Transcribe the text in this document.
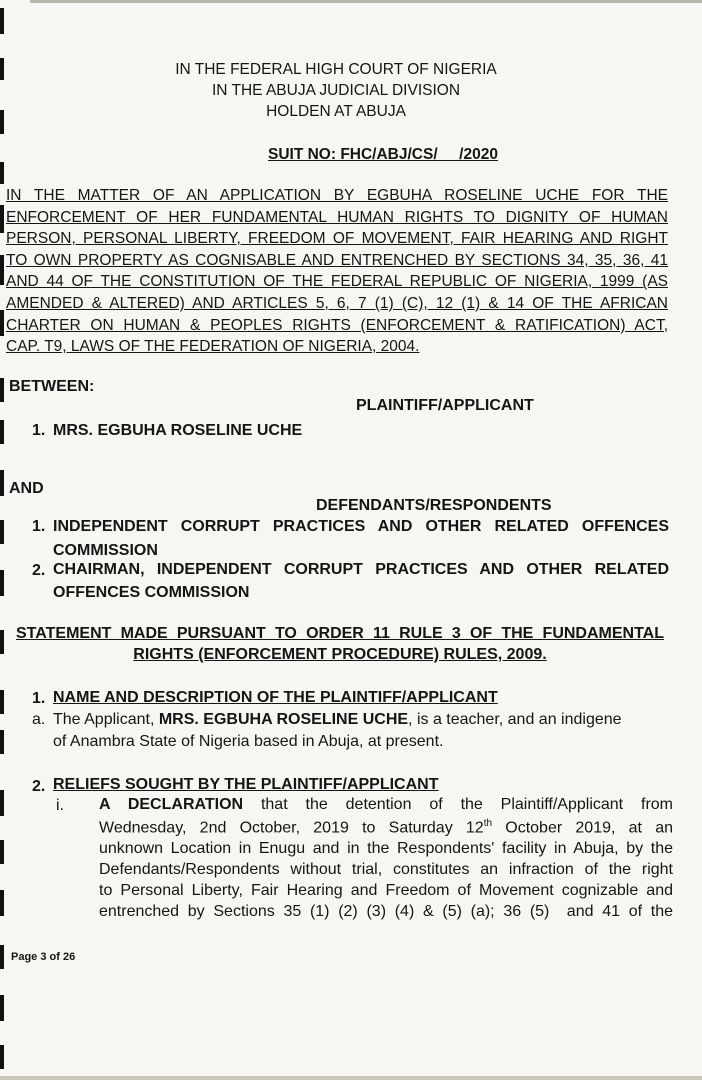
IN THE FEDERAL HIGH COURT OF NIGERIA
IN THE ABUJA JUDICIAL DIVISION
HOLDEN AT ABUJA
SUIT NO: FHC/ABJ/CS/     /2020
IN THE MATTER OF AN APPLICATION BY EGBUHA ROSELINE UCHE FOR THE
ENFORCEMENT OF HER FUNDAMENTAL HUMAN RIGHTS TO DIGNITY OF HUMAN
PERSON, PERSONAL LIBERTY, FREEDOM OF MOVEMENT, FAIR HEARING AND RIGHT
TO OWN PROPERTY AS COGNISABLE AND ENTRENCHED BY SECTIONS 34, 35, 36, 41
AND 44 OF THE CONSTITUTION OF THE FEDERAL REPUBLIC OF NIGERIA, 1999 (AS
AMENDED & ALTERED) AND ARTICLES 5, 6, 7 (1) (C), 12 (1) & 14 OF THE AFRICAN
CHARTER ON HUMAN & PEOPLES RIGHTS (ENFORCEMENT & RATIFICATION) ACT,
CAP. T9, LAWS OF THE FEDERATION OF NIGERIA, 2004.
BETWEEN:
PLAINTIFF/APPLICANT
1. MRS. EGBUHA ROSELINE UCHE
AND
DEFENDANTS/RESPONDENTS
1. INDEPENDENT CORRUPT PRACTICES AND OTHER RELATED OFFENCES
COMMISSION
2. CHAIRMAN, INDEPENDENT CORRUPT PRACTICES AND OTHER RELATED
OFFENCES COMMISSION
STATEMENT MADE PURSUANT TO ORDER 11 RULE 3 OF THE FUNDAMENTAL
RIGHTS (ENFORCEMENT PROCEDURE) RULES, 2009.
1. NAME AND DESCRIPTION OF THE PLAINTIFF/APPLICANT
a. The Applicant, MRS. EGBUHA ROSELINE UCHE, is a teacher, and an indigene
of Anambra State of Nigeria based in Abuja, at present.
2. RELIEFS SOUGHT BY THE PLAINTIFF/APPLICANT
i. A DECLARATION that the detention of the Plaintiff/Applicant from
Wednesday, 2nd October, 2019 to Saturday 12th October 2019, at an
unknown Location in Enugu and in the Respondents' facility in Abuja, by the
Defendants/Respondents without trial, constitutes an infraction of the right
to Personal Liberty, Fair Hearing and Freedom of Movement cognizable and
entrenched by Sections 35 (1) (2) (3) (4) & (5) (a); 36 (5)  and 41 of the
Page 3 of 26
